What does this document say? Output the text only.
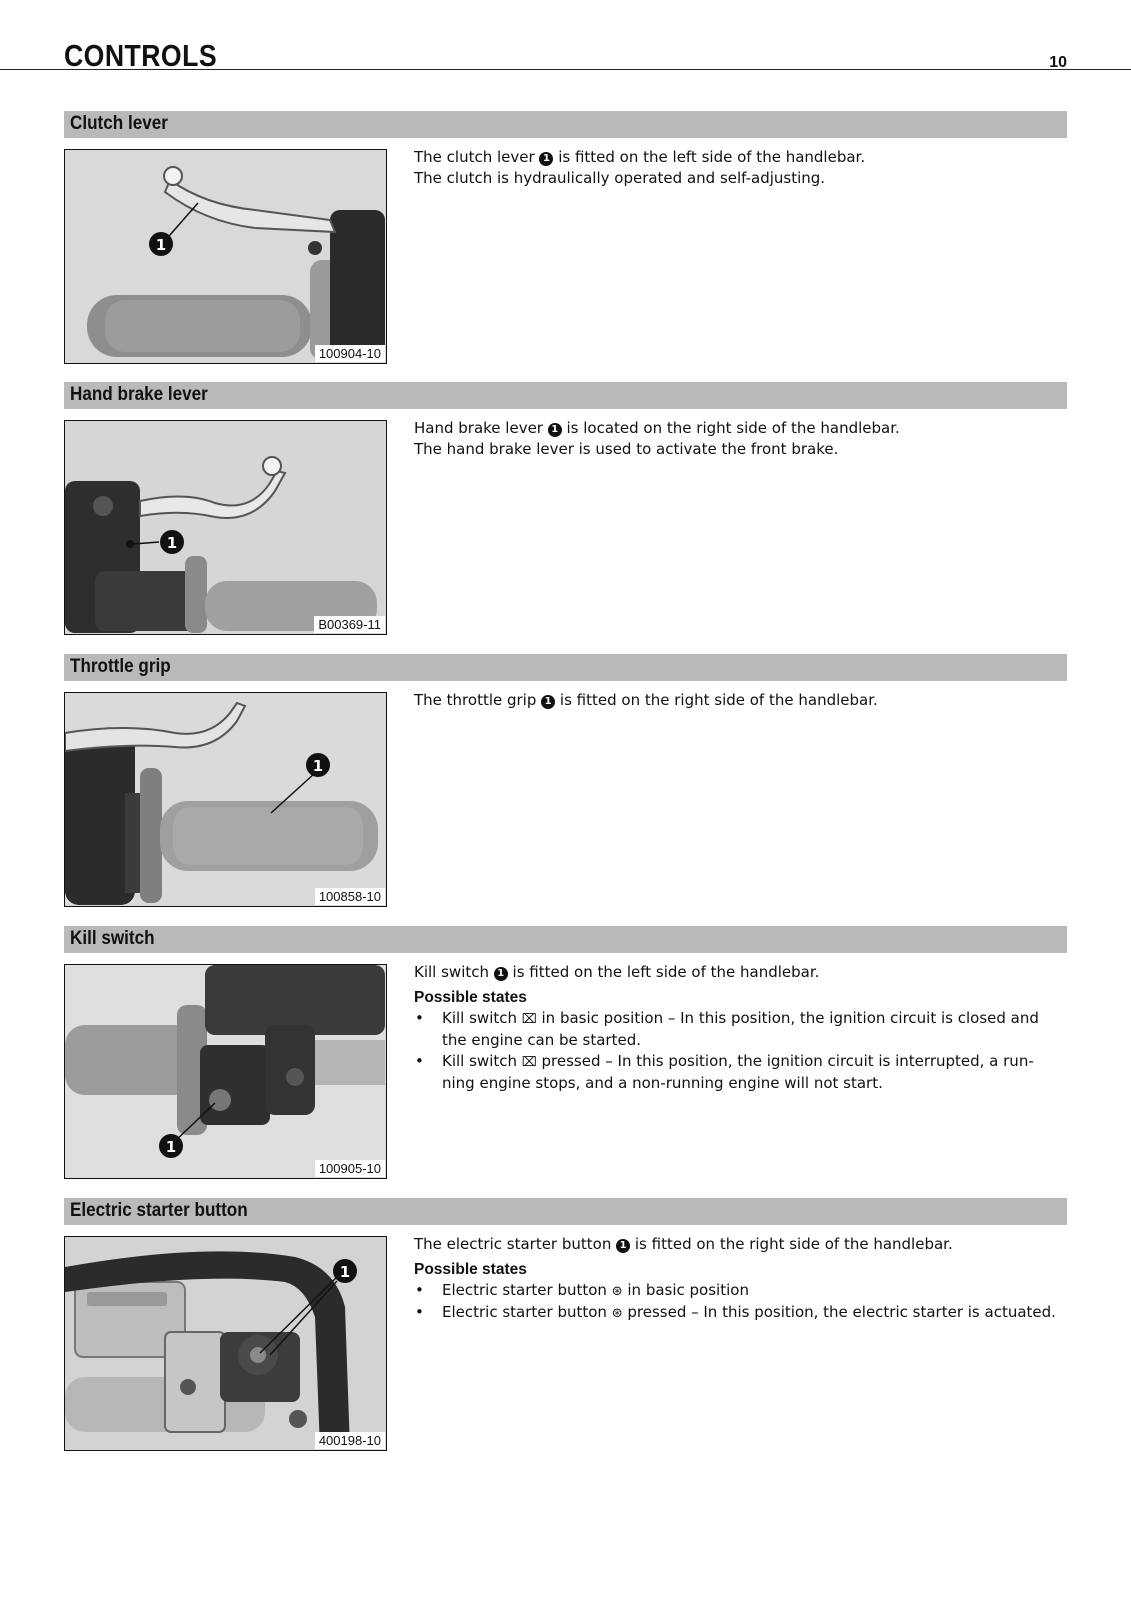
CONTROLS	10
Clutch lever
1
100904-10
The clutch lever 1 is fitted on the left side of the handlebar.
The clutch is hydraulically operated and self-adjusting.
Hand brake lever
1
B00369-11
Hand brake lever 1 is located on the right side of the handlebar.
The hand brake lever is used to activate the front brake.
Throttle grip
1
100858-10
The throttle grip 1 is fitted on the right side of the handlebar.
Kill switch
1
100905-10
Kill switch 1 is fitted on the left side of the handlebar.
Possible states
• Kill switch ⌧ in basic position – In this position, the ignition circuit is closed and
the engine can be started.
• Kill switch ⌧ pressed – In this position, the ignition circuit is interrupted, a run-
ning engine stops, and a non-running engine will not start.
Electric starter button
1
400198-10
The electric starter button 1 is fitted on the right side of the handlebar.
Possible states
• Electric starter button ⊛ in basic position
• Electric starter button ⊛ pressed – In this position, the electric starter is actuated.
